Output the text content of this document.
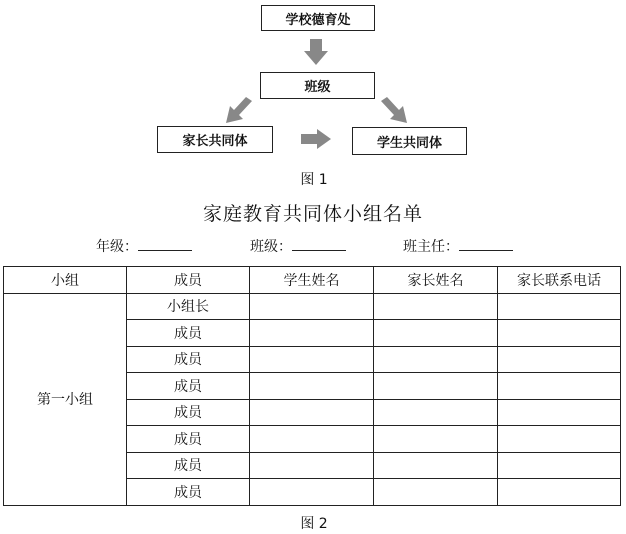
学校德育处
班级
家长共同体	学生共同体
图 1
家庭教育共同体小组名单
年级：	班级：	班主任：
小组	成员	学生姓名	家长姓名	家长联系电话
第一小组	小组长			
	成员			
	成员			
	成员			
	成员			
	成员			
	成员			
	成员			
图 2
